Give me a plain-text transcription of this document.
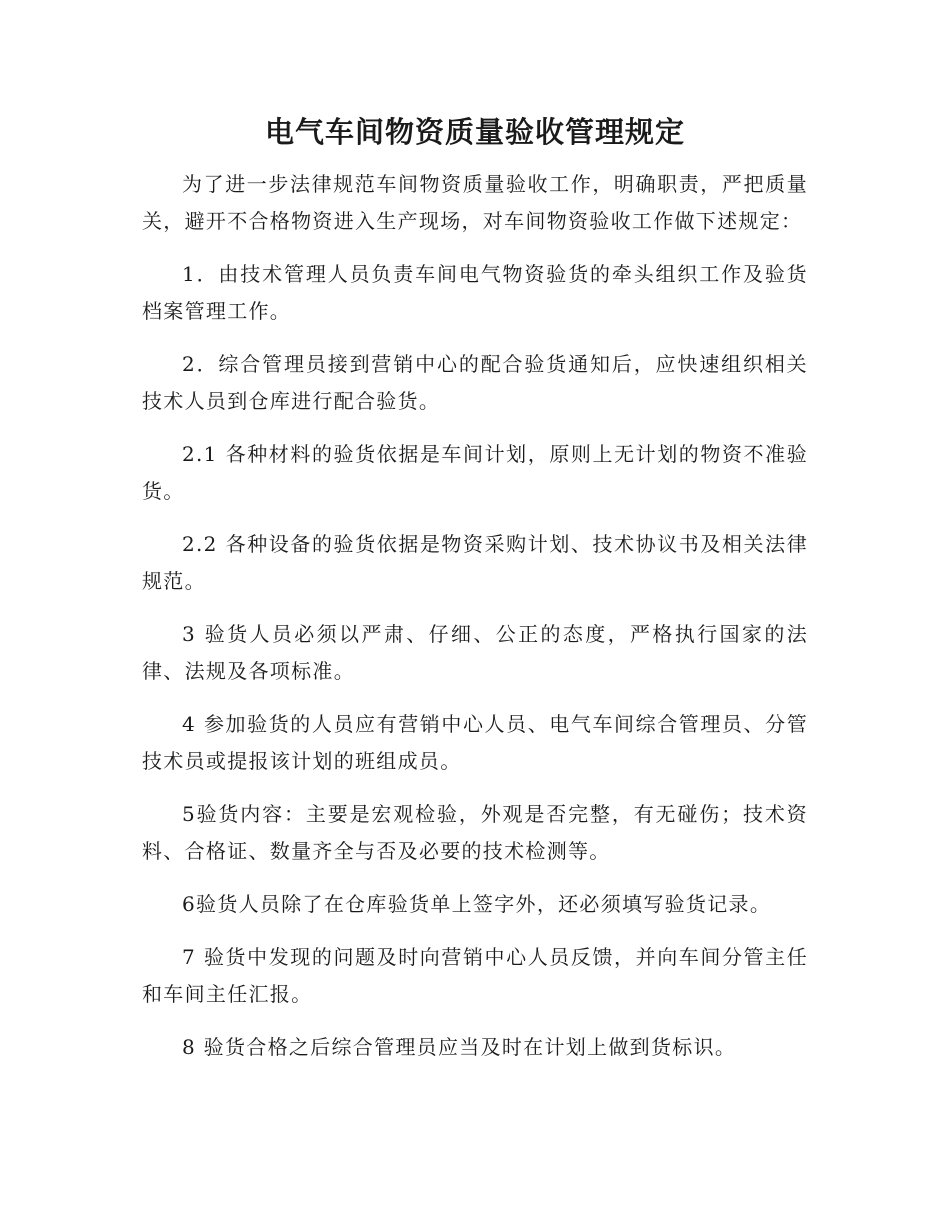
电气车间物资质量验收管理规定

为了进一步法律规范车间物资质量验收工作，明确职责，严把质量关，避开不合格物资进入生产现场，对车间物资验收工作做下述规定：

1．由技术管理人员负责车间电气物资验货的牵头组织工作及验货档案管理工作。

2．综合管理员接到营销中心的配合验货通知后，应快速组织相关技术人员到仓库进行配合验货。

2.1 各种材料的验货依据是车间计划，原则上无计划的物资不准验货。

2.2 各种设备的验货依据是物资采购计划、技术协议书及相关法律规范。

3 验货人员必须以严肃、仔细、公正的态度，严格执行国家的法律、法规及各项标准。

4 参加验货的人员应有营销中心人员、电气车间综合管理员、分管技术员或提报该计划的班组成员。

5验货内容：主要是宏观检验，外观是否完整，有无碰伤；技术资料、合格证、数量齐全与否及必要的技术检测等。

6验货人员除了在仓库验货单上签字外，还必须填写验货记录。

7 验货中发现的问题及时向营销中心人员反馈，并向车间分管主任和车间主任汇报。

8 验货合格之后综合管理员应当及时在计划上做到货标识。
